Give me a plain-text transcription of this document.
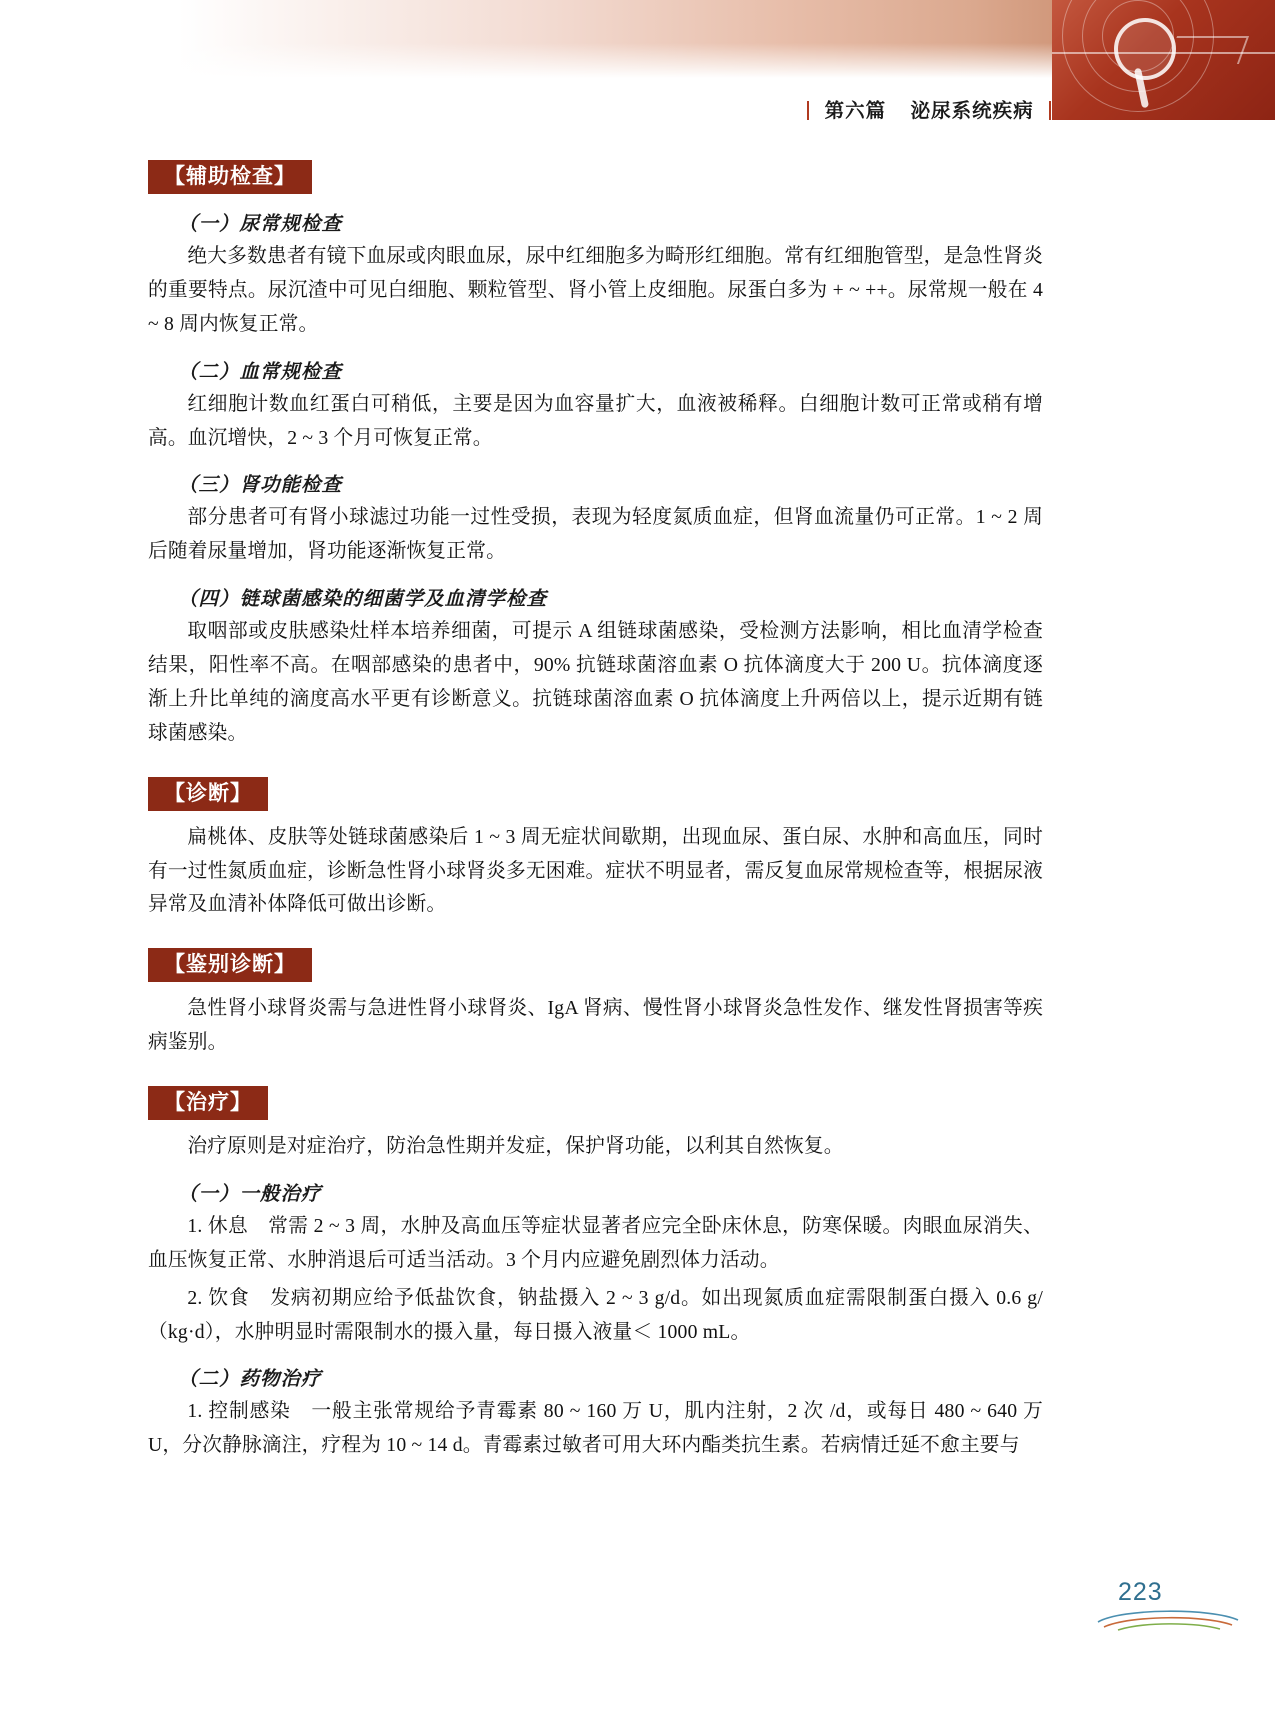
第六篇 泌尿系统疾病
【辅助检查】
（一）尿常规检查

绝大多数患者有镜下血尿或肉眼血尿，尿中红细胞多为畸形红细胞。常有红细胞管型，是急性肾炎的重要特点。尿沉渣中可见白细胞、颗粒管型、肾小管上皮细胞。尿蛋白多为 + ~ ++。尿常规一般在 4 ~ 8 周内恢复正常。

（二）血常规检查

红细胞计数血红蛋白可稍低，主要是因为血容量扩大，血液被稀释。白细胞计数可正常或稍有增高。血沉增快，2 ~ 3 个月可恢复正常。

（三）肾功能检查

部分患者可有肾小球滤过功能一过性受损，表现为轻度氮质血症，但肾血流量仍可正常。1 ~ 2 周后随着尿量增加，肾功能逐渐恢复正常。

（四）链球菌感染的细菌学及血清学检查

取咽部或皮肤感染灶样本培养细菌，可提示 A 组链球菌感染，受检测方法影响，相比血清学检查结果，阳性率不高。在咽部感染的患者中，90% 抗链球菌溶血素 O 抗体滴度大于 200 U。抗体滴度逐渐上升比单纯的滴度高水平更有诊断意义。抗链球菌溶血素 O 抗体滴度上升两倍以上，提示近期有链球菌感染。

【诊断】

扁桃体、皮肤等处链球菌感染后 1 ~ 3 周无症状间歇期，出现血尿、蛋白尿、水肿和高血压，同时有一过性氮质血症，诊断急性肾小球肾炎多无困难。症状不明显者，需反复血尿常规检查等，根据尿液异常及血清补体降低可做出诊断。

【鉴别诊断】

急性肾小球肾炎需与急进性肾小球肾炎、IgA 肾病、慢性肾小球肾炎急性发作、继发性肾损害等疾病鉴别。

【治疗】

治疗原则是对症治疗，防治急性期并发症，保护肾功能，以利其自然恢复。

（一）一般治疗

1. 休息　常需 2 ~ 3 周，水肿及高血压等症状显著者应完全卧床休息，防寒保暖。肉眼血尿消失、血压恢复正常、水肿消退后可适当活动。3 个月内应避免剧烈体力活动。

2. 饮食　发病初期应给予低盐饮食，钠盐摄入 2 ~ 3 g/d。如出现氮质血症需限制蛋白摄入 0.6 g/（kg·d），水肿明显时需限制水的摄入量，每日摄入液量＜ 1000 mL。

（二）药物治疗

1. 控制感染　一般主张常规给予青霉素 80 ~ 160 万 U，肌内注射，2 次 /d，或每日 480 ~ 640 万 U，分次静脉滴注，疗程为 10 ~ 14 d。青霉素过敏者可用大环内酯类抗生素。若病情迁延不愈主要与

223
